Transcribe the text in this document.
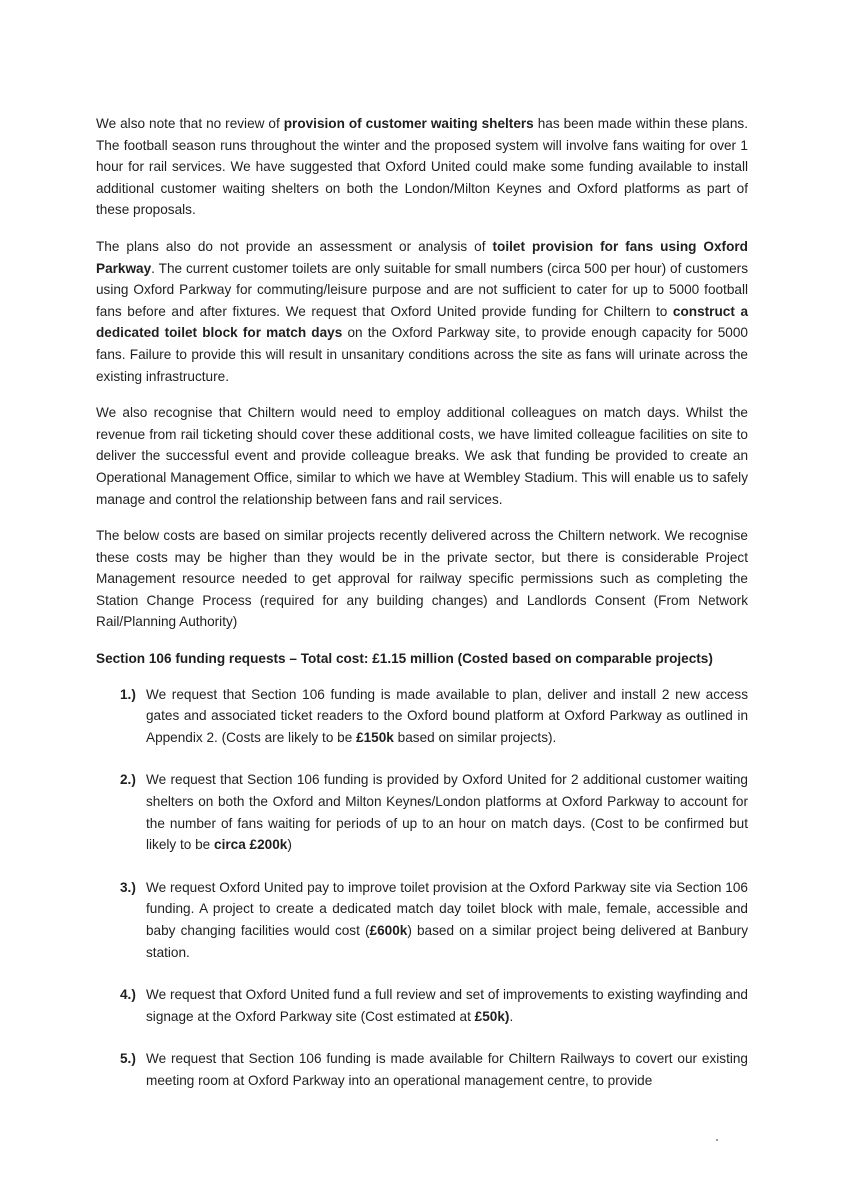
We also note that no review of provision of customer waiting shelters has been made within these plans. The football season runs throughout the winter and the proposed system will involve fans waiting for over 1 hour for rail services. We have suggested that Oxford United could make some funding available to install additional customer waiting shelters on both the London/Milton Keynes and Oxford platforms as part of these proposals.

The plans also do not provide an assessment or analysis of toilet provision for fans using Oxford Parkway. The current customer toilets are only suitable for small numbers (circa 500 per hour) of customers using Oxford Parkway for commuting/leisure purpose and are not sufficient to cater for up to 5000 football fans before and after fixtures. We request that Oxford United provide funding for Chiltern to construct a dedicated toilet block for match days on the Oxford Parkway site, to provide enough capacity for 5000 fans. Failure to provide this will result in unsanitary conditions across the site as fans will urinate across the existing infrastructure.

We also recognise that Chiltern would need to employ additional colleagues on match days. Whilst the revenue from rail ticketing should cover these additional costs, we have limited colleague facilities on site to deliver the successful event and provide colleague breaks. We ask that funding be provided to create an Operational Management Office, similar to which we have at Wembley Stadium. This will enable us to safely manage and control the relationship between fans and rail services.

The below costs are based on similar projects recently delivered across the Chiltern network. We recognise these costs may be higher than they would be in the private sector, but there is considerable Project Management resource needed to get approval for railway specific permissions such as completing the Station Change Process (required for any building changes) and Landlords Consent (From Network Rail/Planning Authority)

Section 106 funding requests – Total cost: £1.15 million (Costed based on comparable projects)
1.) We request that Section 106 funding is made available to plan, deliver and install 2 new access gates and associated ticket readers to the Oxford bound platform at Oxford Parkway as outlined in Appendix 2. (Costs are likely to be £150k based on similar projects).
2.) We request that Section 106 funding is provided by Oxford United for 2 additional customer waiting shelters on both the Oxford and Milton Keynes/London platforms at Oxford Parkway to account for the number of fans waiting for periods of up to an hour on match days. (Cost to be confirmed but likely to be circa £200k)
3.) We request Oxford United pay to improve toilet provision at the Oxford Parkway site via Section 106 funding. A project to create a dedicated match day toilet block with male, female, accessible and baby changing facilities would cost (£600k) based on a similar project being delivered at Banbury station.
4.) We request that Oxford United fund a full review and set of improvements to existing wayfinding and signage at the Oxford Parkway site (Cost estimated at £50k).
5.) We request that Section 106 funding is made available for Chiltern Railways to covert our existing meeting room at Oxford Parkway into an operational management centre, to provide
